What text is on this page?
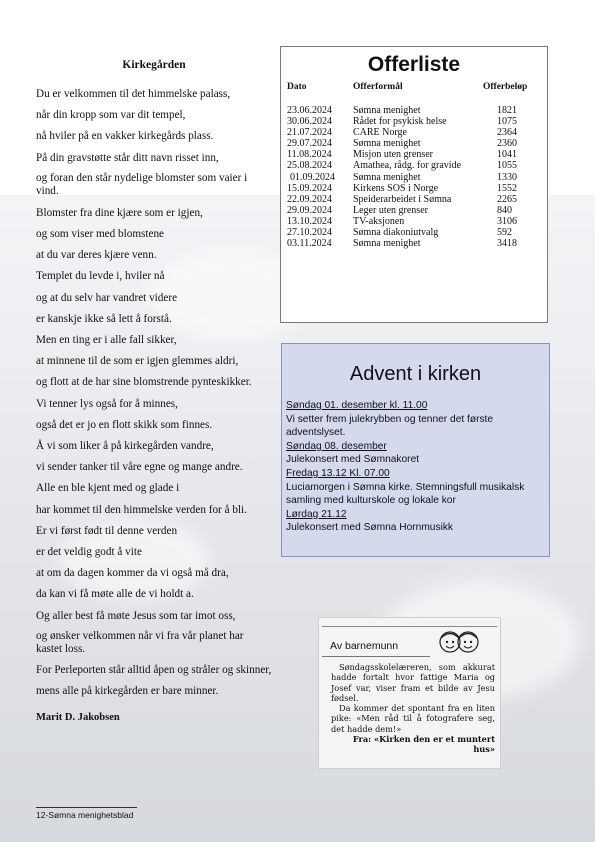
Kirkegården

Du er velkommen til det himmelske palass,

når din kropp som var dit tempel,

nå hviler på en vakker kirkegårds plass.

På din gravstøtte står ditt navn risset inn,

og foran den står nydelige blomster som vaier i vind.

Blomster fra dine kjære som er igjen,

og som viser med blomstene

at du var deres kjære venn.

Templet du levde i, hviler nå

og at du selv har vandret videre

er kanskje ikke så lett å forstå.

Men en ting er i alle fall sikker,

at minnene til de som er igjen glemmes aldri,

og flott at de har sine blomstrende pynteskikker.

Vi tenner lys også for å minnes,

også det er jo en flott skikk som finnes.

Å vi som liker å på kirkegården vandre,

vi sender tanker til våre egne og mange andre.

Alle en ble kjent med og glade i

har kommet til den himmelske verden for å bli.

Er vi først født til denne verden

er det veldig godt å vite

at om da dagen kommer da vi også må dra,

da kan vi få møte alle de vi holdt a.

Og aller best få møte Jesus som tar imot oss,

og ønsker velkommen når vi fra vår planet har kastet loss.

For Perleporten står alltid åpen og stråler og skinner,

mens alle på kirkegården er bare minner.

Marit D. Jakobsen
Offerliste
Dato	Offerformål	Offerbeløp
23.06.2024 Sømna menighet	1821
30.06.2024 Rådet for psykisk helse	1075
21.07.2024 CARE Norge	2364
29.07.2024 Sømna menighet	2360
11.08.2024 Misjon uten grenser	1041
25.08.2024 Amathea, rådg. for gravide	1055
01.09.2024 Sømna menighet	1330
15.09.2024 Kirkens SOS i Norge	1552
22.09.2024 Speiderarbeidet i Sømna	2265
29.09.2024 Leger uten grenser	840
13.10.2024 TV-aksjonen	3106
27.10.2024 Sømna diakoniutvalg	592
03.11.2024 Sømna menighet	3418
Advent i kirken
Søndag 01. desember kl. 11.00
Vi setter frem julekrybben og tenner det første adventslyset.
Søndag 08. desember
Julekonsert med Sømnakoret
Fredag 13.12 Kl. 07.00
Luciamorgen i Sømna kirke. Stemningsfull musikalsk samling med kulturskole og lokale kor
Lørdag 21.12
Julekonsert med Sømna Hornmusikk
Av barnemunn

Søndagsskolelæreren, som akkurat hadde fortalt hvor fattige Maria og Josef var, viser fram et bilde av Jesu fødsel.

Da kommer det spontant fra en liten pike: «Men råd til å fotografere seg, det hadde dem!»

Fra: «Kirken den er et muntert hus»

12-Sømna menighetsblad
